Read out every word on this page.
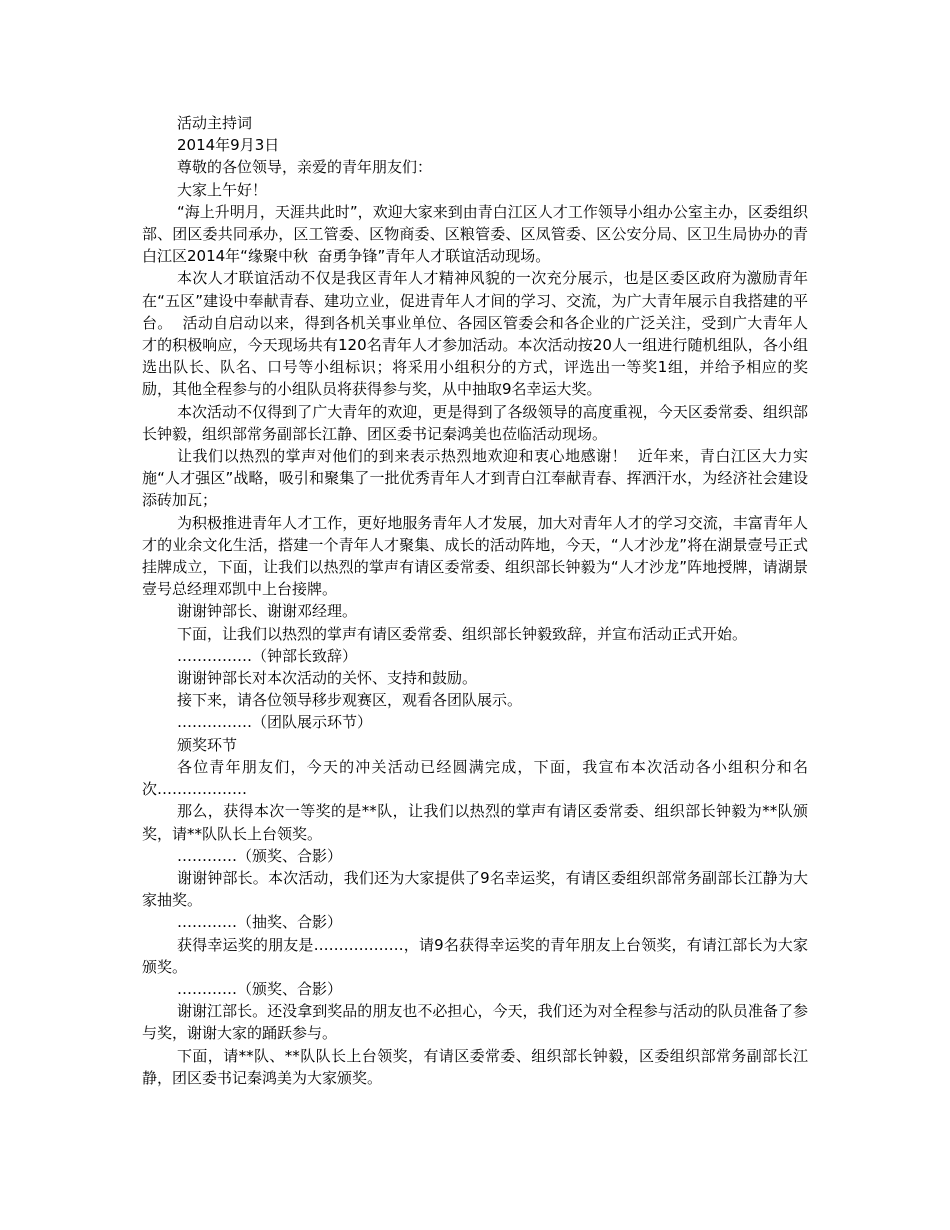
活动主持词

2014年9月3日

尊敬的各位领导，亲爱的青年朋友们：

大家上午好！

“海上升明月，天涯共此时”，欢迎大家来到由青白江区人才工作领导小组办公室主办，区委组织部、团区委共同承办，区工管委、区物商委、区粮管委、区凤管委、区公安分局、区卫生局协办的青白江区2014年“缘聚中秋  奋勇争锋”青年人才联谊活动现场。

本次人才联谊活动不仅是我区青年人才精神风貌的一次充分展示，也是区委区政府为激励青年在“五区”建设中奉献青春、建功立业，促进青年人才间的学习、交流，为广大青年展示自我搭建的平台。  活动自启动以来，得到各机关事业单位、各园区管委会和各企业的广泛关注，受到广大青年人才的积极响应，今天现场共有120名青年人才参加活动。本次活动按20人一组进行随机组队，各小组选出队长、队名、口号等小组标识；将采用小组积分的方式，评选出一等奖1组，并给予相应的奖励，其他全程参与的小组队员将获得参与奖，从中抽取9名幸运大奖。

本次活动不仅得到了广大青年的欢迎，更是得到了各级领导的高度重视，今天区委常委、组织部长钟毅，组织部常务副部长江静、团区委书记秦鸿美也莅临活动现场。

让我们以热烈的掌声对他们的到来表示热烈地欢迎和衷心地感谢！  近年来，青白江区大力实施“人才强区”战略，吸引和聚集了一批优秀青年人才到青白江奉献青春、挥洒汗水，为经济社会建设添砖加瓦；

为积极推进青年人才工作，更好地服务青年人才发展，加大对青年人才的学习交流，丰富青年人才的业余文化生活，搭建一个青年人才聚集、成长的活动阵地，今天，“人才沙龙”将在湖景壹号正式挂牌成立，下面，让我们以热烈的掌声有请区委常委、组织部长钟毅为“人才沙龙”阵地授牌，请湖景壹号总经理邓凯中上台接牌。

谢谢钟部长、谢谢邓经理。

下面，让我们以热烈的掌声有请区委常委、组织部长钟毅致辞，并宣布活动正式开始。

……………（钟部长致辞）

谢谢钟部长对本次活动的关怀、支持和鼓励。

接下来，请各位领导移步观赛区，观看各团队展示。

……………（团队展示环节）

颁奖环节

各位青年朋友们，今天的冲关活动已经圆满完成，下面，我宣布本次活动各小组积分和名次………………

那么，获得本次一等奖的是**队，让我们以热烈的掌声有请区委常委、组织部长钟毅为**队颁奖，请**队队长上台领奖。

…………（颁奖、合影）

谢谢钟部长。本次活动，我们还为大家提供了9名幸运奖，有请区委组织部常务副部长江静为大家抽奖。

…………（抽奖、合影）

获得幸运奖的朋友是………………，请9名获得幸运奖的青年朋友上台领奖，有请江部长为大家颁奖。

…………（颁奖、合影）

谢谢江部长。还没拿到奖品的朋友也不必担心，今天，我们还为对全程参与活动的队员准备了参与奖，谢谢大家的踊跃参与。

下面，请**队、**队队长上台领奖，有请区委常委、组织部长钟毅，区委组织部常务副部长江静，团区委书记秦鸿美为大家颁奖。
